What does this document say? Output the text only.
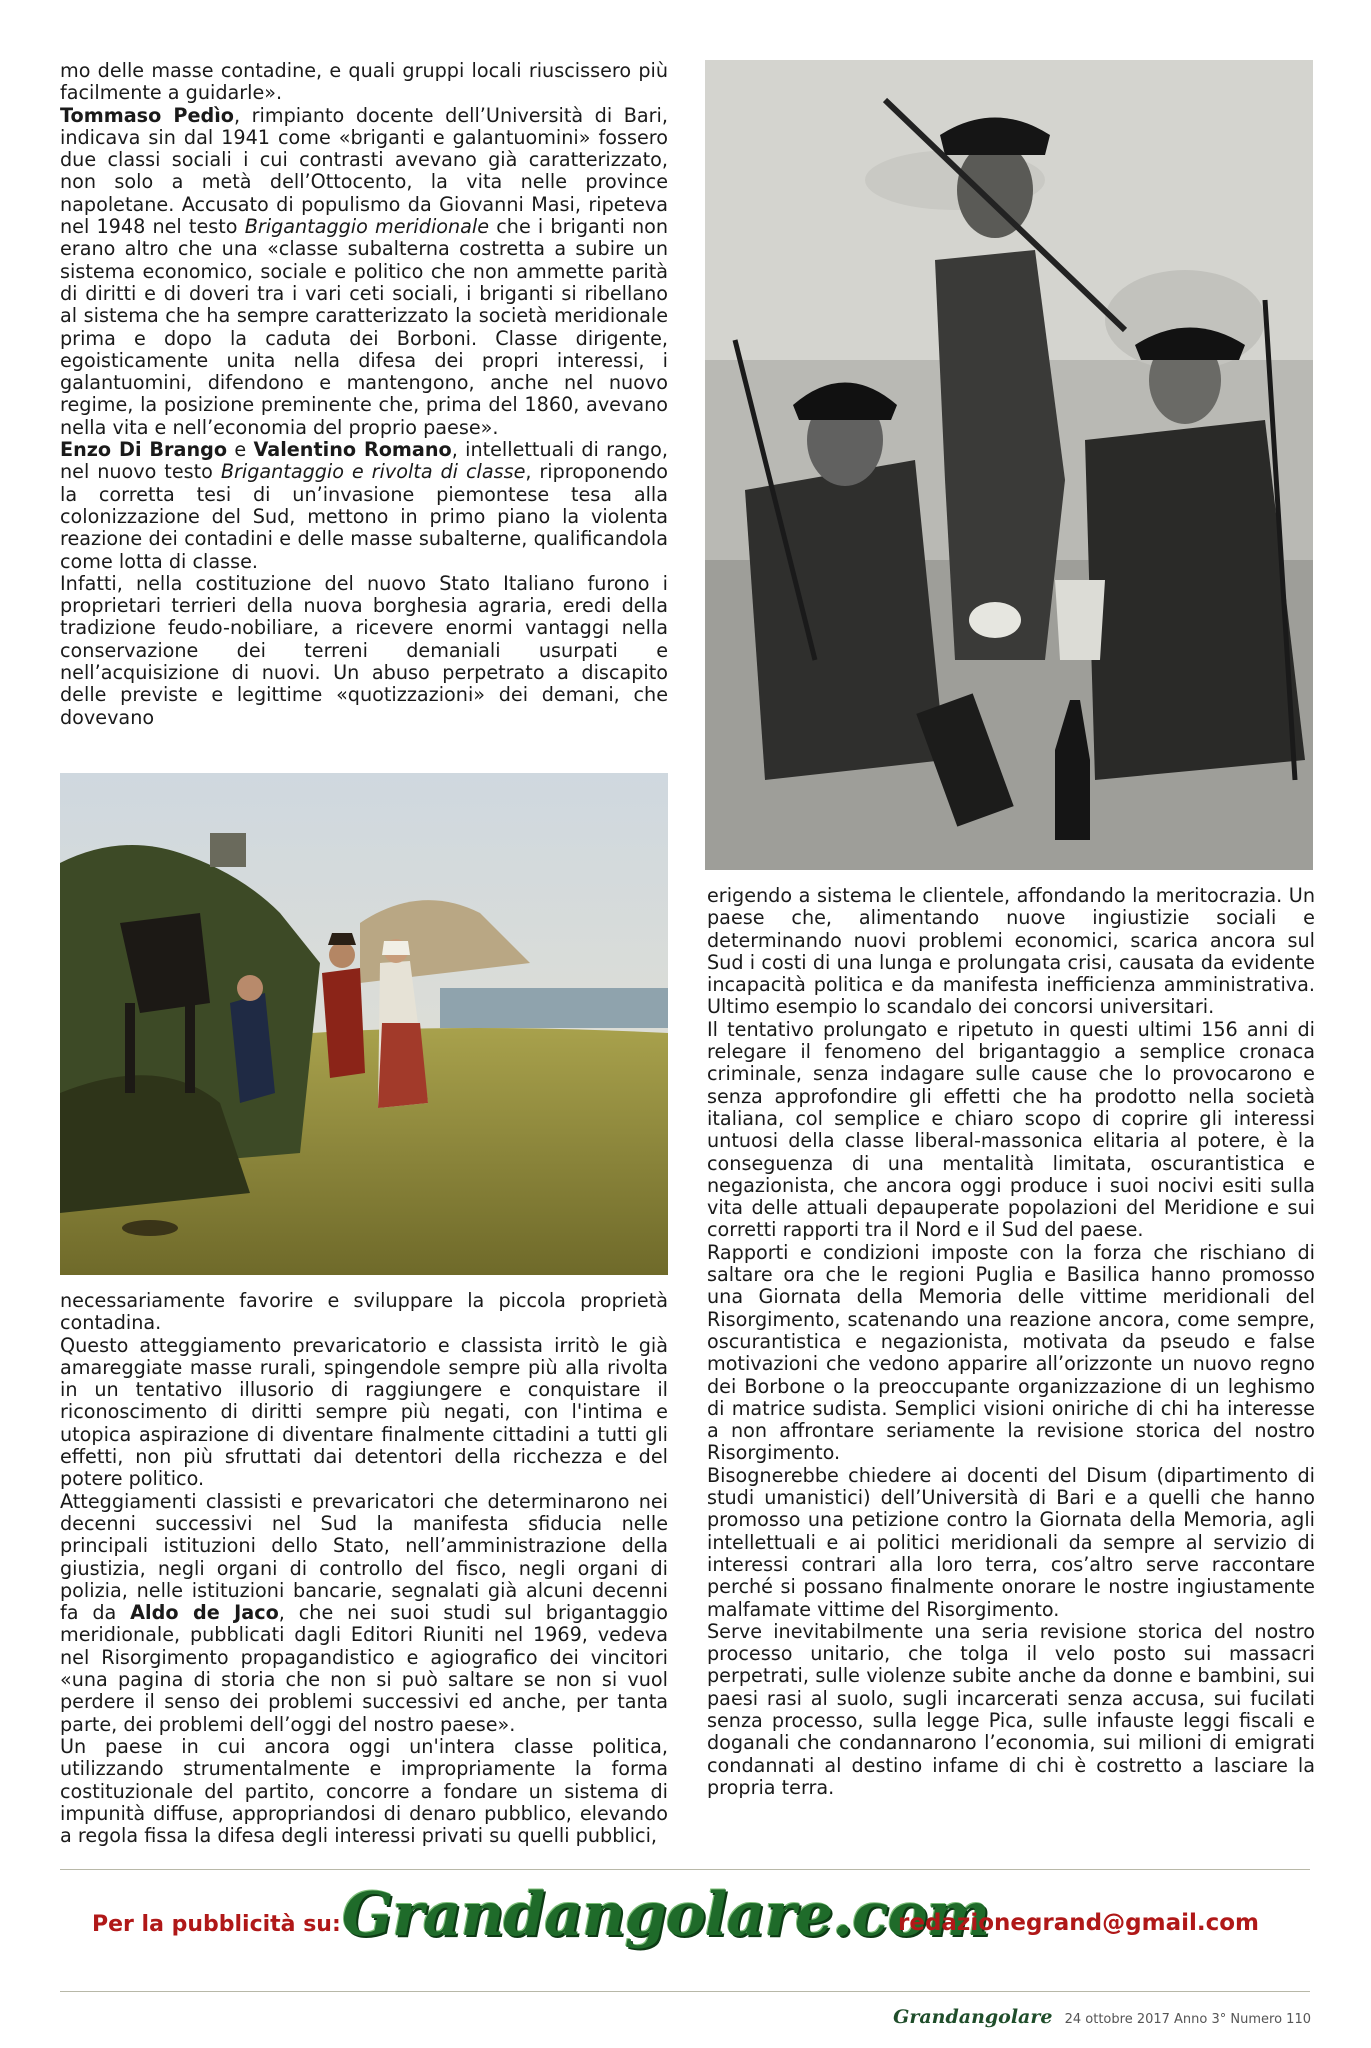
mo delle masse contadine, e quali gruppi locali riuscissero più facilmente a guidarle».

Tommaso Pedìo, rimpianto docente dell’Università di Bari, indicava sin dal 1941 come «briganti e galantuomini» fossero due classi sociali i cui contrasti avevano già caratterizzato, non solo a metà dell’Ottocento, la vita nelle province napoletane. Accusato di populismo da Giovanni Masi, ripeteva nel 1948 nel testo Brigantaggio meridionale che i briganti non erano altro che una «classe subalterna costretta a subire un sistema economico, sociale e politico che non ammette parità di diritti e di doveri tra i vari ceti sociali, i briganti si ribellano al sistema che ha sempre caratterizzato la società meridionale prima e dopo la caduta dei Borboni. Classe dirigente, egoisticamente unita nella difesa dei propri interessi, i galantuomini, difendono e mantengono, anche nel nuovo regime, la posizione preminente che, prima del 1860, avevano nella vita e nell’economia del proprio paese».

Enzo Di Brango e Valentino Romano, intellettuali di rango, nel nuovo testo Brigantaggio e rivolta di classe, riproponendo la corretta tesi di un’invasione piemontese tesa alla colonizzazione del Sud, mettono in primo piano la violenta reazione dei contadini e delle masse subalterne, qualificandola come lotta di classe.

Infatti, nella costituzione del nuovo Stato Italiano furono i proprietari terrieri della nuova borghesia agraria, eredi della tradizione feudo-nobiliare, a ricevere enormi vantaggi nella conservazione dei terreni demaniali usurpati e nell’acquisizione di nuovi. Un abuso perpetrato a discapito delle previste e legittime «quotizzazioni» dei demani, che dovevano

necessariamente favorire e sviluppare la piccola proprietà contadina.

Questo atteggiamento prevaricatorio e classista irritò le già amareggiate masse rurali, spingendole sempre più alla rivolta in un tentativo illusorio di raggiungere e conquistare il riconoscimento di diritti sempre più negati, con l'intima e utopica aspirazione di diventare finalmente cittadini a tutti gli effetti, non più sfruttati dai detentori della ricchezza e del potere politico.

Atteggiamenti classisti e prevaricatori che determinarono nei decenni successivi nel Sud la manifesta sfiducia nelle principali istituzioni dello Stato, nell’amministrazione della giustizia, negli organi di controllo del fisco, negli organi di polizia, nelle istituzioni bancarie, segnalati già alcuni decenni fa da Aldo de Jaco, che nei suoi studi sul brigantaggio meridionale, pubblicati dagli Editori Riuniti nel 1969, vedeva nel Risorgimento propagandistico e agiografico dei vincitori «una pagina di storia che non si può saltare se non si vuol perdere il senso dei problemi successivi ed anche, per tanta parte, dei problemi dell’oggi del nostro paese».

Un paese in cui ancora oggi un'intera classe politica, utilizzando strumentalmente e impropriamente la forma costituzionale del partito, concorre a fondare un sistema di impunità diffuse, appropriandosi di denaro pubblico, elevando a regola fissa la difesa degli interessi privati su quelli pubblici,

erigendo a sistema le clientele, affondando la meritocrazia. Un paese che, alimentando nuove ingiustizie sociali e determinando nuovi problemi economici, scarica ancora sul Sud i costi di una lunga e prolungata crisi, causata da evidente incapacità politica e da manifesta inefficienza amministrativa. Ultimo esempio lo scandalo dei concorsi universitari.

Il tentativo prolungato e ripetuto in questi ultimi 156 anni di relegare il fenomeno del brigantaggio a semplice cronaca criminale, senza indagare sulle cause che lo provocarono e senza approfondire gli effetti che ha prodotto nella società italiana, col semplice e chiaro scopo di coprire gli interessi untuosi della classe liberal-massonica elitaria al potere, è la conseguenza di una mentalità limitata, oscurantistica e negazionista, che ancora oggi produce i suoi nocivi esiti sulla vita delle attuali depauperate popolazioni del Meridione e sui corretti rapporti tra il Nord e il Sud del paese.

Rapporti e condizioni imposte con la forza che rischiano di saltare ora che le regioni Puglia e Basilica hanno promosso una Giornata della Memoria delle vittime meridionali del Risorgimento, scatenando una reazione ancora, come sempre, oscurantistica e negazionista, motivata da pseudo e false motivazioni che vedono apparire all’orizzonte un nuovo regno dei Borbone o la preoccupante organizzazione di un leghismo di matrice sudista. Semplici visioni oniriche di chi ha interesse a non affrontare seriamente la revisione storica del nostro Risorgimento.

Bisognerebbe chiedere ai docenti del Disum (dipartimento di studi umanistici) dell’Università di Bari e a quelli che hanno promosso una petizione contro la Giornata della Memoria, agli intellettuali e ai politici meridionali da sempre al servizio di interessi contrari alla loro terra, cos’altro serve raccontare perché si possano finalmente onorare le nostre ingiustamente malfamate vittime del Risorgimento.

Serve inevitabilmente una seria revisione storica del nostro processo unitario, che tolga il velo posto sui massacri perpetrati, sulle violenze subite anche da donne e bambini, sui paesi rasi al suolo, sugli incarcerati senza accusa, sui fucilati senza processo, sulla legge Pica, sulle infauste leggi fiscali e doganali che condannarono l’economia, sui milioni di emigrati condannati al destino infame di chi è costretto a lasciare la propria terra.

Per la pubblicità su: Grandangolare.com
redazionegrand@gmail.com
Grandangolare 24 ottobre 2017 Anno 3° Numero 110
